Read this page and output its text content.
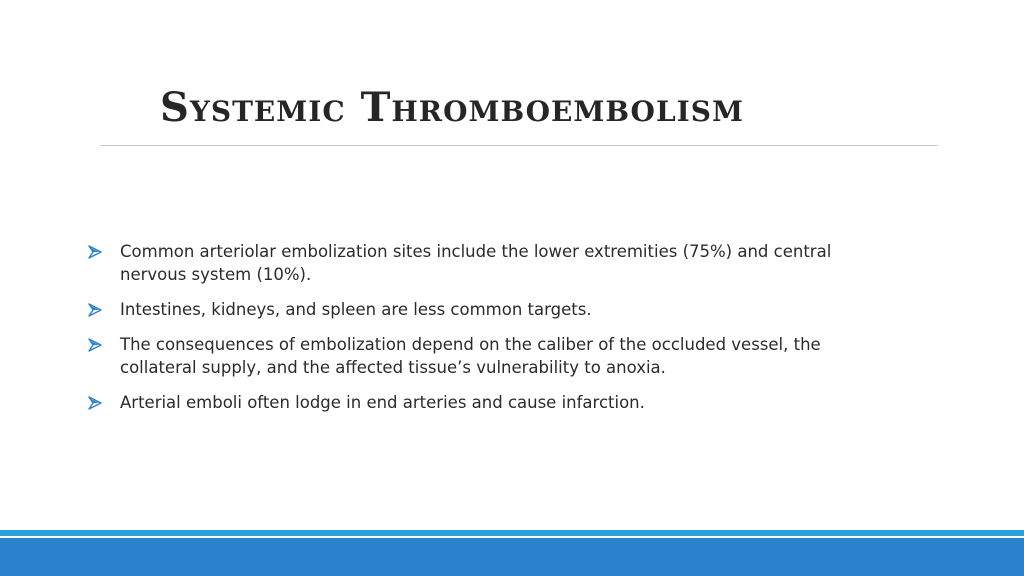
Systemic Thromboembolism
Common arteriolar embolization sites include the lower extremities (75%) and central nervous system (10%).
Intestines, kidneys, and spleen are less common targets.
The consequences of embolization depend on the caliber of the occluded vessel, the collateral supply, and the affected tissue’s vulnerability to anoxia.
Arterial emboli often lodge in end arteries and cause infarction.
